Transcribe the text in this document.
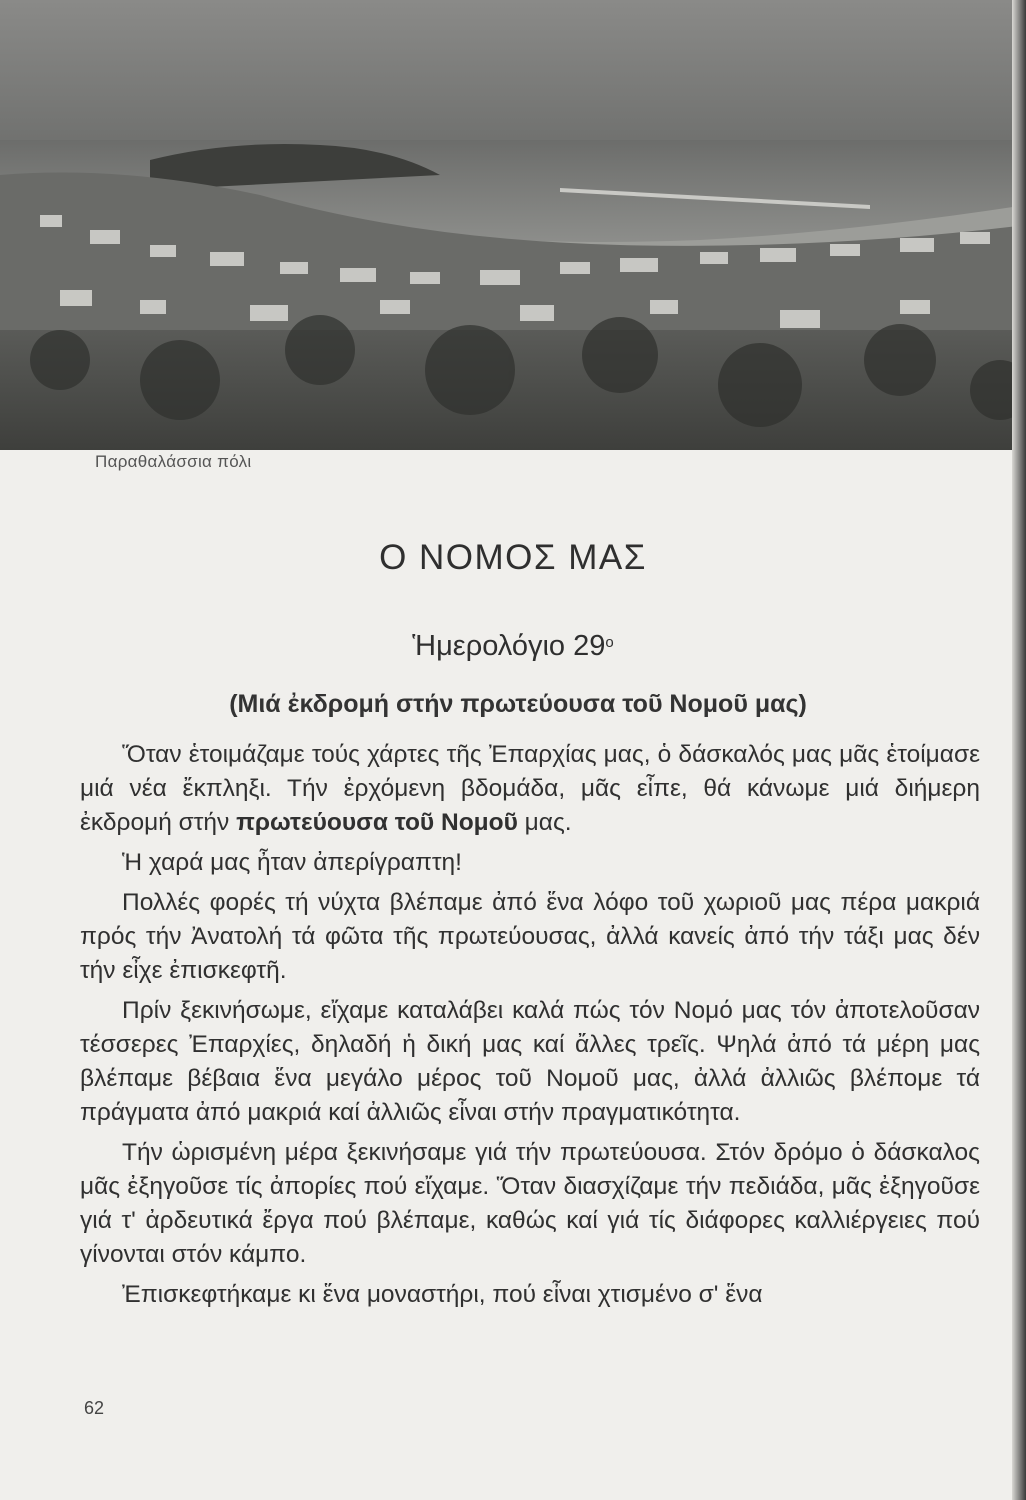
Παραθαλάσσια πόλι
Ο ΝΟΜΟΣ ΜΑΣ
Ἡμερολόγιο $29^o$
(Μιά ἐκδρομή στήν πρωτεύουσα τοῦ Νομοῦ μας)

Ὅταν ἑτοιμάζαμε τούς χάρτες τῆς Ἐπαρχίας μας, ὁ δάσκαλός μας μᾶς ἑτοίμασε μιά νέα ἔκπληξι. Τήν ἐρχόμενη βδομάδα, μᾶς εἶπε, θά κάνωμε μιά διήμερη ἐκδρομή στήν πρωτεύουσα τοῦ Νομοῦ μας.

Ἡ χαρά μας ἦταν ἀπερίγραπτη!

Πολλές φορές τή νύχτα βλέπαμε ἀπό ἕνα λόφο τοῦ χωριοῦ μας πέρα μακριά πρός τήν Ἀνατολή τά φῶτα τῆς πρωτεύουσας, ἀλλά κανείς ἀπό τήν τάξι μας δέν τήν εἶχε ἐπισκεφτῆ.

Πρίν ξεκινήσωμε, εἴχαμε καταλάβει καλά πώς τόν Νομό μας τόν ἀποτελοῦσαν τέσσερες Ἐπαρχίες, δηλαδή ἡ δική μας καί ἄλλες τρεῖς. Ψηλά ἀπό τά μέρη μας βλέπαμε βέβαια ἕνα μεγάλο μέρος τοῦ Νομοῦ μας, ἀλλά ἀλλιῶς βλέπομε τά πράγματα ἀπό μακριά καί ἀλλιῶς εἶναι στήν πραγματικότητα.

Τήν ὡρισμένη μέρα ξεκινήσαμε γιά τήν πρωτεύουσα. Στόν δρόμο ὁ δάσκαλος μᾶς ἐξηγοῦσε τίς ἀπορίες πού εἴχαμε. Ὅταν διασχίζαμε τήν πεδιάδα, μᾶς ἐξηγοῦσε γιά τ' ἀρδευτικά ἔργα πού βλέπαμε, καθώς καί γιά τίς διάφορες καλλιέργειες πού γίνονται στόν κάμπο.

Ἐπισκεφτήκαμε κι ἕνα μοναστήρι, πού εἶναι χτισμένο σ' ἕνα

62
